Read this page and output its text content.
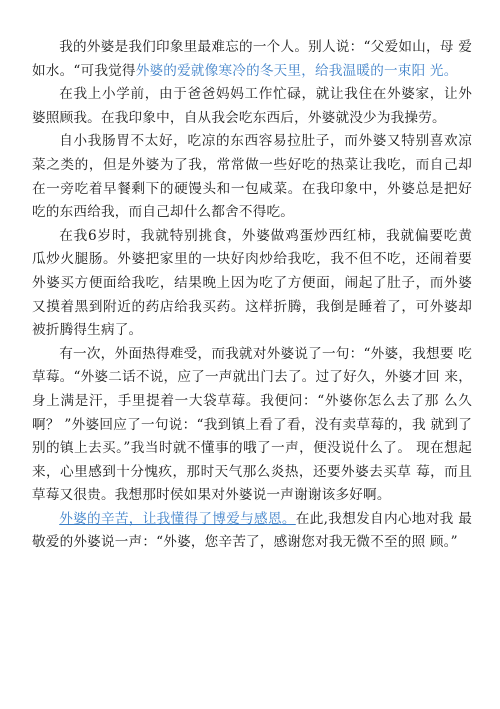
我的外婆是我们印象里最难忘的一个人。别人说：“父爱如山，母 爱如水。“可我觉得外婆的爱就像寒冷的冬天里，给我温暖的一束阳 光。

在我上小学前，由于爸爸妈妈工作忙碌，就让我住在外婆家，让外 婆照顾我。在我印象中，自从我会吃东西后，外婆就没少为我操劳。

自小我肠胃不太好，吃凉的东西容易拉肚子，而外婆又特别喜欢凉 菜之类的，但是外婆为了我，常常做一些好吃的热菜让我吃，而自己却 在一旁吃着早餐剩下的硬馒头和一包咸菜。在我印象中，外婆总是把好 吃的东西给我，而自己却什么都舍不得吃。

在我6岁时，我就特别挑食，外婆做鸡蛋炒西红柿，我就偏要吃黄 瓜炒火腿肠。外婆把家里的一块好肉炒给我吃，我不但不吃，还闹着要 外婆买方便面给我吃，结果晚上因为吃了方便面，闹起了肚子，而外婆 又摸着黑到附近的药店给我买药。这样折腾，我倒是睡着了，可外婆却 被折腾得生病了。

有一次，外面热得难受，而我就对外婆说了一句：“外婆，我想要 吃草莓。“外婆二话不说，应了一声就出门去了。过了好久，外婆才回 来，身上满是汗，手里提着一大袋草莓。我便问：“外婆你怎么去了那 么久啊？ ”外婆回应了一句说：“我到镇上看了看，没有卖草莓的，我 就到了别的镇上去买。”我当时就不懂事的哦了一声，便没说什么了。 现在想起来，心里感到十分愧疚，那时天气那么炎热，还要外婆去买草 莓，而且草莓又很贵。我想那时侯如果对外婆说一声谢谢该多好啊。

外婆的辛苦，让我懂得了博爱与感恩。在此,我想发自内心地对我 最敬爱的外婆说一声：“外婆，您辛苦了，感谢您对我无微不至的照 顾。”
